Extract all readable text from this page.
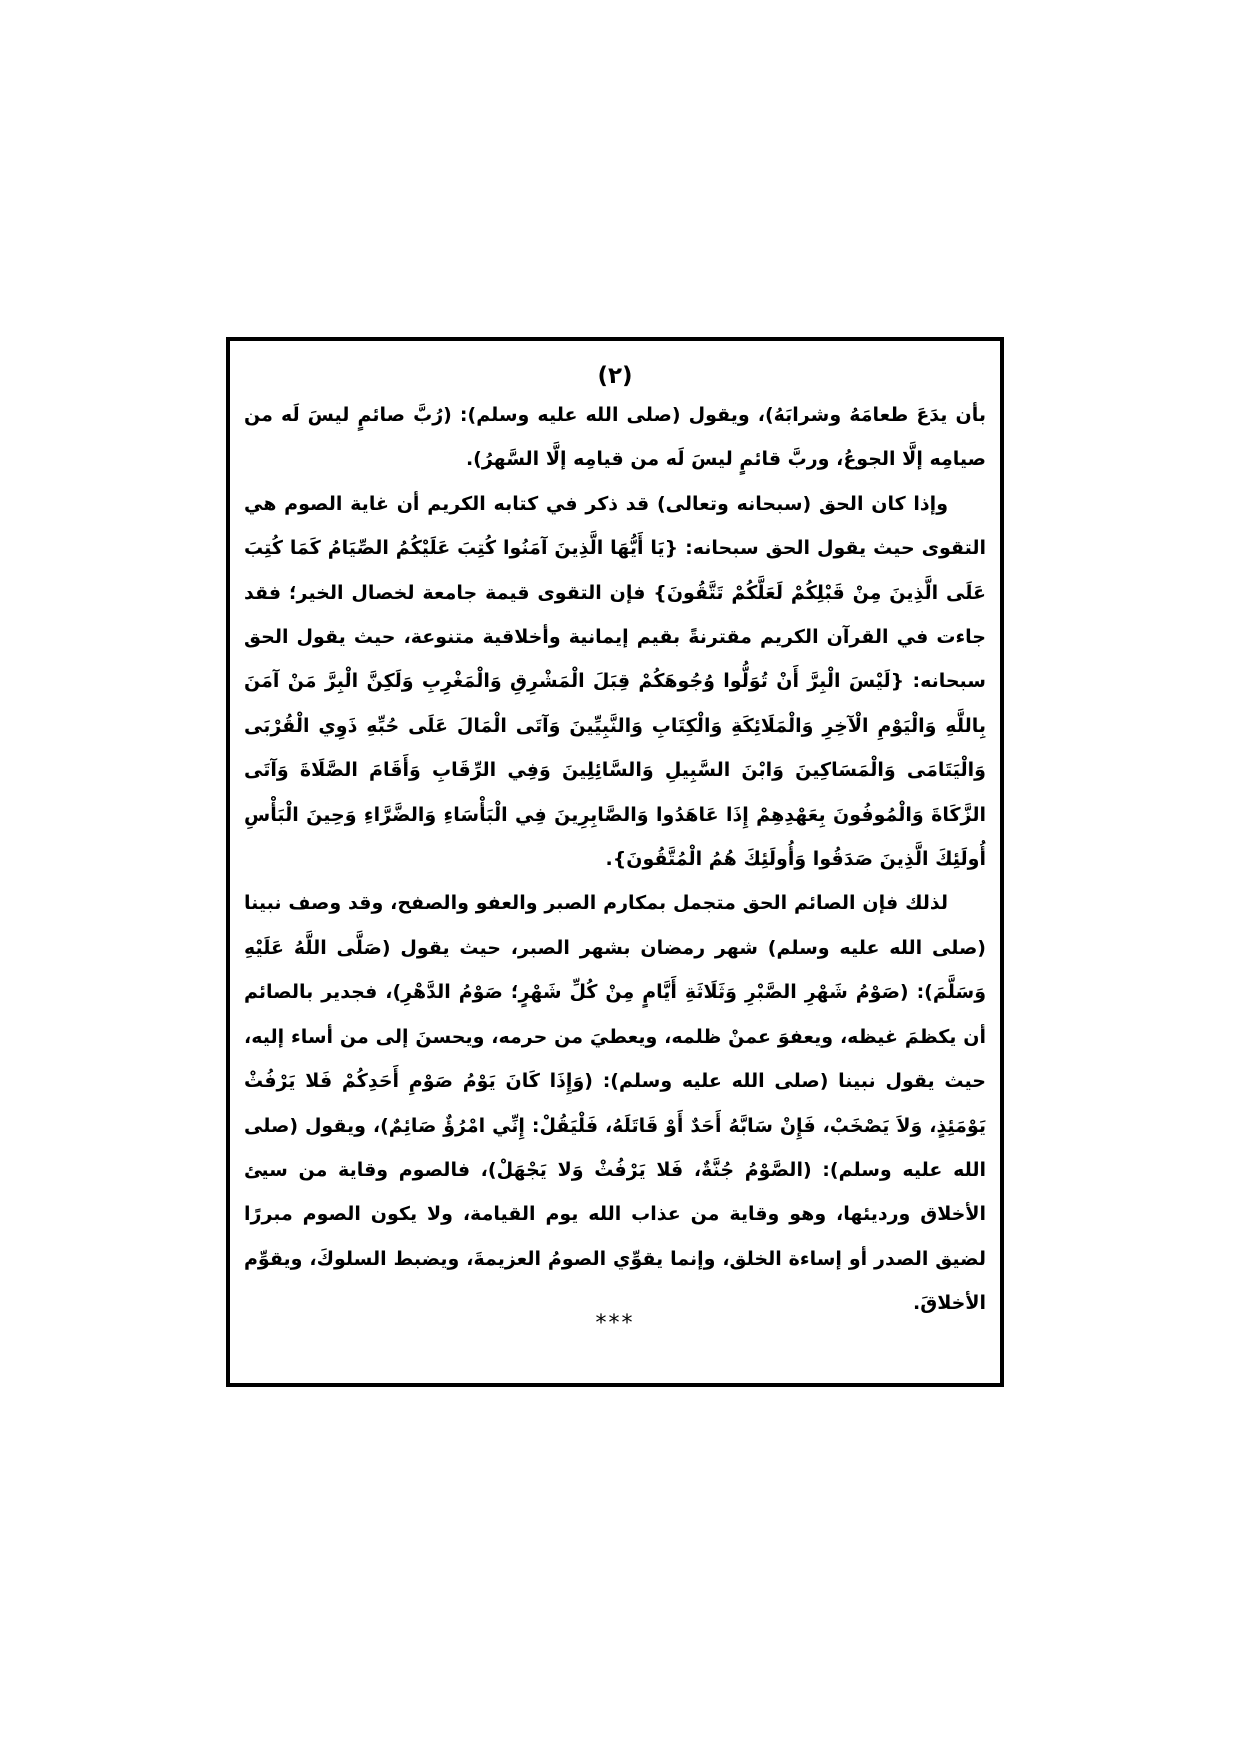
(٢)

بأن يدَعَ طعامَهُ وشرابَهُ)، ويقول (صلى الله عليه وسلم): (رُبَّ صائمٍ ليسَ لَه من صيامِه إلَّا الجوعُ، وربَّ قائمٍ ليسَ لَه من قيامِه إلَّا السَّهرُ).

وإذا كان الحق (سبحانه وتعالى) قد ذكر في كتابه الكريم أن غاية الصوم هي التقوى حيث يقول الحق سبحانه: {يَا أَيُّهَا الَّذِينَ آمَنُوا كُتِبَ عَلَيْكُمُ الصِّيَامُ كَمَا كُتِبَ عَلَى الَّذِينَ مِنْ قَبْلِكُمْ لَعَلَّكُمْ تَتَّقُونَ} فإن التقوى قيمة جامعة لخصال الخير؛ فقد جاءت في القرآن الكريم مقترنةً بقيم إيمانية وأخلاقية متنوعة، حيث يقول الحق سبحانه: {لَيْسَ الْبِرَّ أَنْ تُوَلُّوا وُجُوهَكُمْ قِبَلَ الْمَشْرِقِ وَالْمَغْرِبِ وَلَكِنَّ الْبِرَّ مَنْ آمَنَ بِاللَّهِ وَالْيَوْمِ الْآخِرِ وَالْمَلَائِكَةِ وَالْكِتَابِ وَالنَّبِيِّينَ وَآتَى الْمَالَ عَلَى حُبِّهِ ذَوِي الْقُرْبَى وَالْيَتَامَى وَالْمَسَاكِينَ وَابْنَ السَّبِيلِ وَالسَّائِلِينَ وَفِي الرِّقَابِ وَأَقَامَ الصَّلَاةَ وَآتَى الزَّكَاةَ وَالْمُوفُونَ بِعَهْدِهِمْ إِذَا عَاهَدُوا وَالصَّابِرِينَ فِي الْبَأْسَاءِ وَالضَّرَّاءِ وَحِينَ الْبَأْسِ أُولَئِكَ الَّذِينَ صَدَقُوا وَأُولَئِكَ هُمُ الْمُتَّقُونَ}.

لذلك فإن الصائم الحق متجمل بمكارم الصبر والعفو والصفح، وقد وصف نبينا (صلى الله عليه وسلم) شهر رمضان بشهر الصبر، حيث يقول (صَلَّى اللَّهُ عَلَيْهِ وَسَلَّمَ): (صَوْمُ شَهْرِ الصَّبْرِ وَثَلَاثَةِ أَيَّامٍ مِنْ كُلِّ شَهْرٍ؛ صَوْمُ الدَّهْرِ)، فجدير بالصائم أن يكظمَ غيظه، ويعفوَ عمنْ ظلمه، ويعطيَ من حرمه، ويحسنَ إلى من أساء إليه، حيث يقول نبينا (صلى الله عليه وسلم): (وَإِذَا كَانَ يَوْمُ صَوْمِ أَحَدِكُمْ فَلا يَرْفُثْ يَوْمَئِذٍ، وَلاَ يَصْخَبْ، فَإِنْ سَابَّهُ أَحَدٌ أَوْ قَاتَلَهُ، فَلْيَقُلْ: إِنِّي امْرُؤٌ صَائِمٌ)، ويقول (صلى الله عليه وسلم): (الصَّوْمُ جُنَّةٌ، فَلا يَرْفُثْ وَلا يَجْهَلْ)، فالصوم وقاية من سيئ الأخلاق ورديئها، وهو وقاية من عذاب الله يوم القيامة، ولا يكون الصوم مبررًا لضيق الصدر أو إساءة الخلق، وإنما يقوِّي الصومُ العزيمةَ، ويضبط السلوكَ، ويقوِّم الأخلاقَ.

***
